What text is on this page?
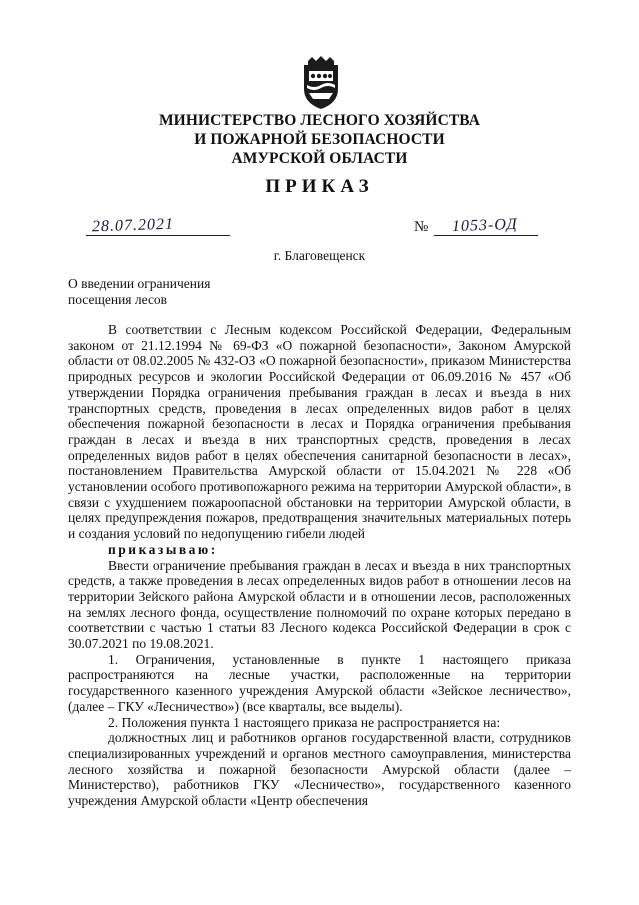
МИНИСТЕРСТВО ЛЕСНОГО ХОЗЯЙСТВА
И ПОЖАРНОЙ БЕЗОПАСНОСТИ
АМУРСКОЙ ОБЛАСТИ
ПРИКАЗ
28.07.2021	№ 1053-ОД
г. Благовещенск
О введении ограничения
посещения лесов

В соответствии с Лесным кодексом Российской Федерации, Федеральным законом от 21.12.1994 № 69-ФЗ «О пожарной безопасности», Законом Амурской области от 08.02.2005 № 432-ОЗ «О пожарной безопасности», приказом Министерства природных ресурсов и экологии Российской Федерации от 06.09.2016 № 457 «Об утверждении Порядка ограничения пребывания граждан в лесах и въезда в них транспортных средств, проведения в лесах определенных видов работ в целях обеспечения пожарной безопасности в лесах и Порядка ограничения пребывания граждан в лесах и въезда в них транспортных средств, проведения в лесах определенных видов работ в целях обеспечения санитарной безопасности в лесах», постановлением Правительства Амурской области от 15.04.2021 № 228 «Об установлении особого противопожарного режима на территории Амурской области», в связи с ухудшением пожароопасной обстановки на территории Амурской области, в целях предупреждения пожаров, предотвращения значительных материальных потерь и создания условий по недопущению гибели людей

приказываю:

Ввести ограничение пребывания граждан в лесах и въезда в них транспортных средств, а также проведения в лесах определенных видов работ в отношении лесов на территории Зейского района Амурской области и в отношении лесов, расположенных на землях лесного фонда, осуществление полномочий по охране которых передано в соответствии с частью 1 статьи 83 Лесного кодекса Российской Федерации в срок с 30.07.2021 по 19.08.2021.

1. Ограничения, установленные в пункте 1 настоящего приказа распространяются на лесные участки, расположенные на территории государственного казенного учреждения Амурской области «Зейское лесничество», (далее – ГКУ «Лесничество») (все кварталы, все выделы).

2. Положения пункта 1 настоящего приказа не распространяется на:

должностных лиц и работников органов государственной власти, сотрудников специализированных учреждений и органов местного самоуправления, министерства лесного хозяйства и пожарной безопасности Амурской области (далее – Министерство), работников ГКУ «Лесничество», государственного казенного учреждения Амурской области «Центр обеспечения
